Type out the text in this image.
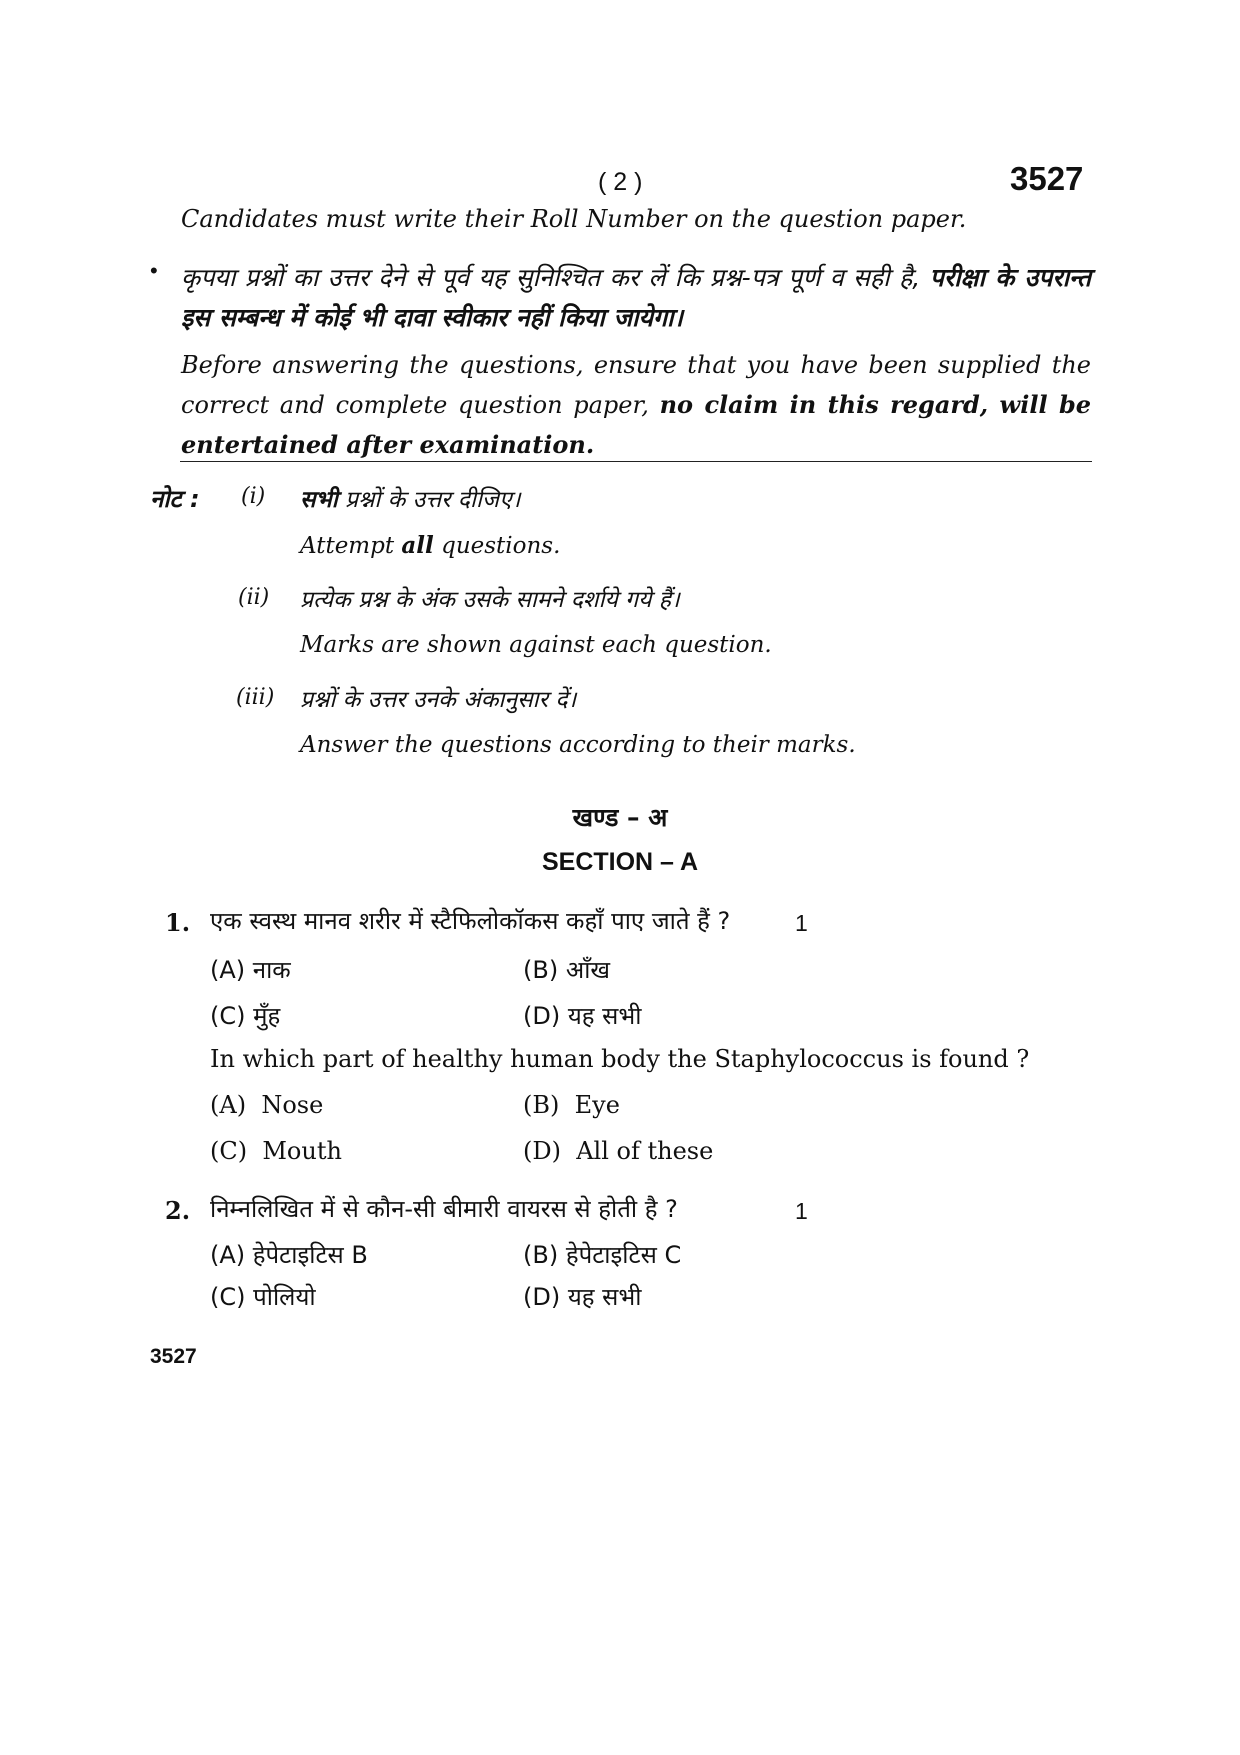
( 2 )	3527
Candidates must write their Roll Number on the question paper.
• कृपया प्रश्नों का उत्तर देने से पूर्व यह सुनिश्चित कर लें कि प्रश्न-पत्र पूर्ण व सही है, परीक्षा के उपरान्त इस सम्बन्ध में कोई भी दावा स्वीकार नहीं किया जायेगा।
Before answering the questions, ensure that you have been supplied the correct and complete question paper, no claim in this regard, will be entertained after examination.
नोट : (i) सभी प्रश्नों के उत्तर दीजिए।
Attempt all questions.
(ii) प्रत्येक प्रश्न के अंक उसके सामने दर्शाये गये हैं।
Marks are shown against each question.
(iii) प्रश्नों के उत्तर उनके अंकानुसार दें।
Answer the questions according to their marks.
खण्ड – अ
SECTION – A
1. एक स्वस्थ मानव शरीर में स्टैफिलोकॉकस कहाँ पाए जाते हैं ?	1
(A) नाक	(B) आँख
(C) मुँह	(D) यह सभी
In which part of healthy human body the Staphylococcus is found ?
(A)  Nose	(B)  Eye
(C)  Mouth	(D)  All of these
2. निम्नलिखित में से कौन-सी बीमारी वायरस से होती है ?	1
(A) हेपेटाइटिस B	(B) हेपेटाइटिस C
(C) पोलियो	(D) यह सभी
3527
